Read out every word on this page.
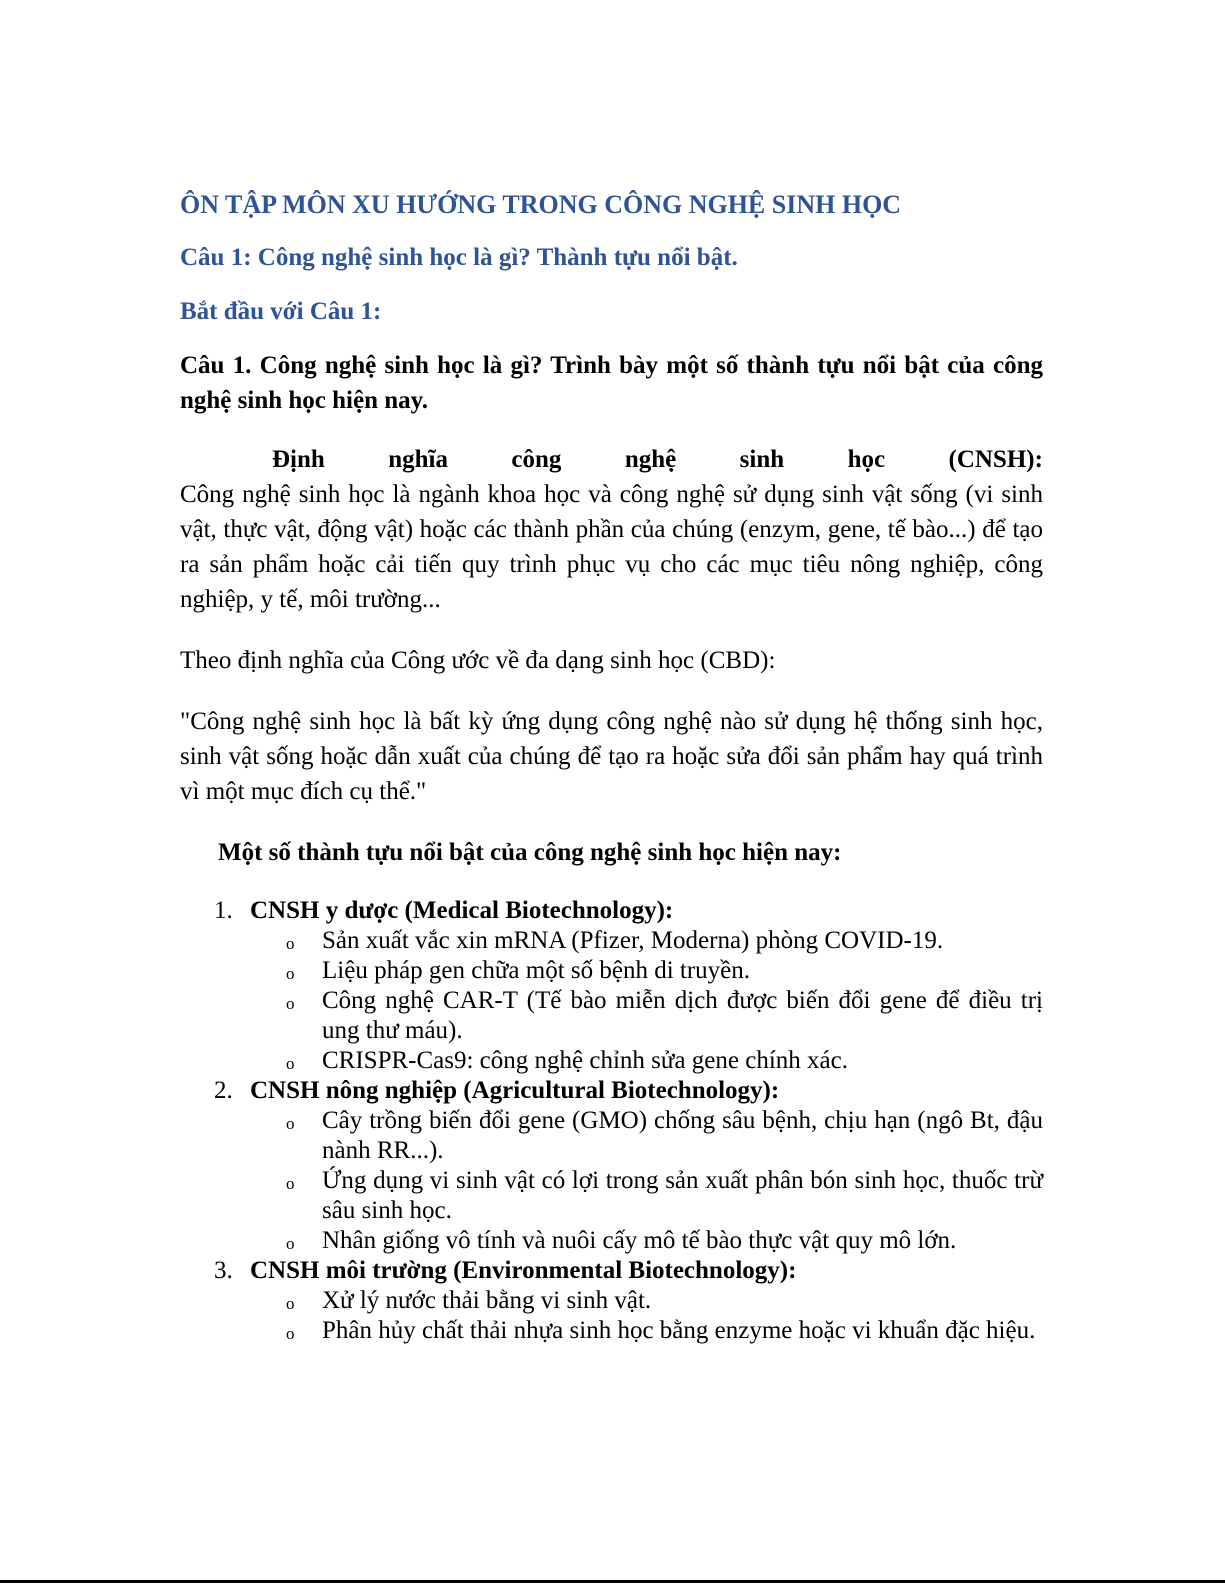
ÔN TẬP MÔN XU HƯỚNG TRONG CÔNG NGHỆ SINH HỌC
Câu 1: Công nghệ sinh học là gì? Thành tựu nổi bật.
Bắt đầu với Câu 1:
Câu 1. Công nghệ sinh học là gì? Trình bày một số thành tựu nổi bật của công nghệ sinh học hiện nay.
Định	nghĩa	công	nghệ	sinh	học	(CNSH):
Công nghệ sinh học là ngành khoa học và công nghệ sử dụng sinh vật sống (vi sinh vật, thực vật, động vật) hoặc các thành phần của chúng (enzym, gene, tế bào...) để tạo ra sản phẩm hoặc cải tiến quy trình phục vụ cho các mục tiêu nông nghiệp, công nghiệp, y tế, môi trường...
Theo định nghĩa của Công ước về đa dạng sinh học (CBD):
"Công nghệ sinh học là bất kỳ ứng dụng công nghệ nào sử dụng hệ thống sinh học, sinh vật sống hoặc dẫn xuất của chúng để tạo ra hoặc sửa đổi sản phẩm hay quá trình vì một mục đích cụ thể."
Một số thành tựu nổi bật của công nghệ sinh học hiện nay:
1. CNSH y dược (Medical Biotechnology):
o Sản xuất vắc xin mRNA (Pfizer, Moderna) phòng COVID-19.
o Liệu pháp gen chữa một số bệnh di truyền.
o Công nghệ CAR-T (Tế bào miễn dịch được biến đổi gene để điều trị ung thư máu).
o CRISPR-Cas9: công nghệ chỉnh sửa gene chính xác.
2. CNSH nông nghiệp (Agricultural Biotechnology):
o Cây trồng biến đổi gene (GMO) chống sâu bệnh, chịu hạn (ngô Bt, đậu nành RR...).
o Ứng dụng vi sinh vật có lợi trong sản xuất phân bón sinh học, thuốc trừ sâu sinh học.
o Nhân giống vô tính và nuôi cấy mô tế bào thực vật quy mô lớn.
3. CNSH môi trường (Environmental Biotechnology):
o Xử lý nước thải bằng vi sinh vật.
o Phân hủy chất thải nhựa sinh học bằng enzyme hoặc vi khuẩn đặc hiệu.
